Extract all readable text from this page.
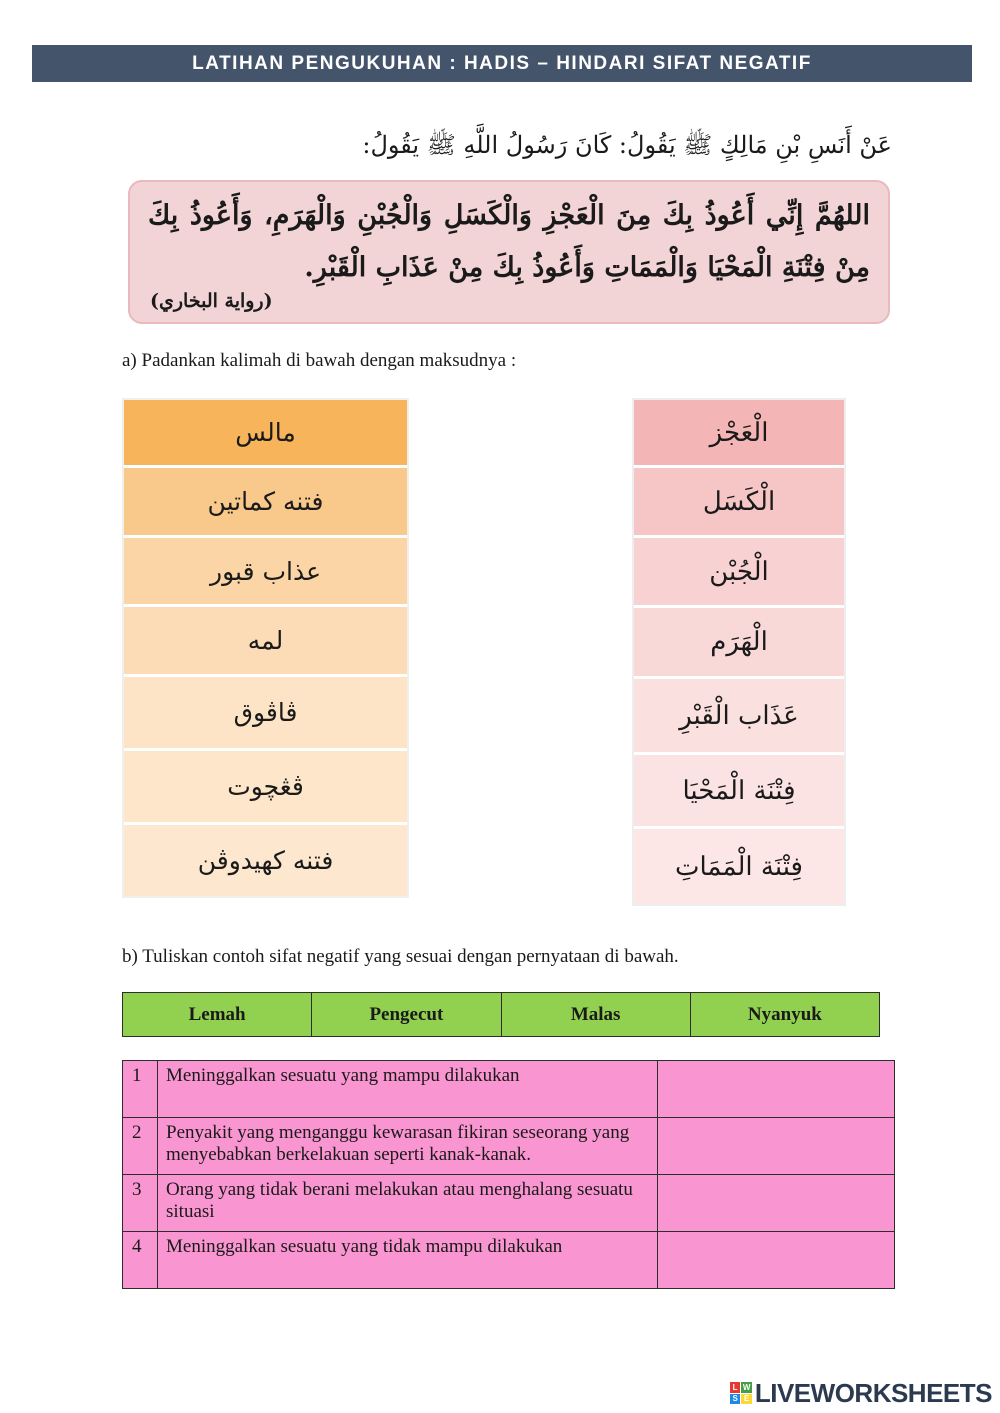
LATIHAN PENGUKUHAN : HADIS – HINDARI SIFAT NEGATIF
عَنْ أَنَسِ بْنِ مَالِكٍ ﷺ يَقُولُ: كَانَ رَسُولُ اللَّهِ ﷺ يَقُولُ:
اللهُمَّ إِنِّي أَعُوذُ بِكَ مِنَ الْعَجْزِ وَالْكَسَلِ وَالْجُبْنِ وَالْهَرَمِ، وَأَعُوذُ بِكَ مِنْ فِتْنَةِ الْمَحْيَا وَالْمَمَاتِ وَأَعُوذُ بِكَ مِنْ عَذَابِ الْقَبْرِ.
(رواية البخاري)
a) Padankan kalimah di bawah dengan maksudnya :
مالس
فتنه كماتين
عذاب قبور
لمه
ڤاڤوق
ڤڠچوت
فتنه كهيدوڤن
الْعَجْز
الْكَسَل
الْجُبْن
الْهَرَم
عَذَاب الْقَبْرِ
فِتْنَة الْمَحْيَا
فِتْنَة الْمَمَاتِ
b) Tuliskan contoh sifat negatif yang sesuai dengan pernyataan di bawah.
Lemah	Pengecut	Malas	Nyanyuk
1	Meninggalkan sesuatu yang mampu dilakukan	
2	Penyakit yang menganggu kewarasan fikiran seseorang yang menyebabkan berkelakuan seperti kanak-kanak.	
3	Orang yang tidak berani melakukan atau menghalang sesuatu situasi	
4	Meninggalkan sesuatu yang tidak mampu dilakukan	
L W
S E LIVEWORKSHEETS
